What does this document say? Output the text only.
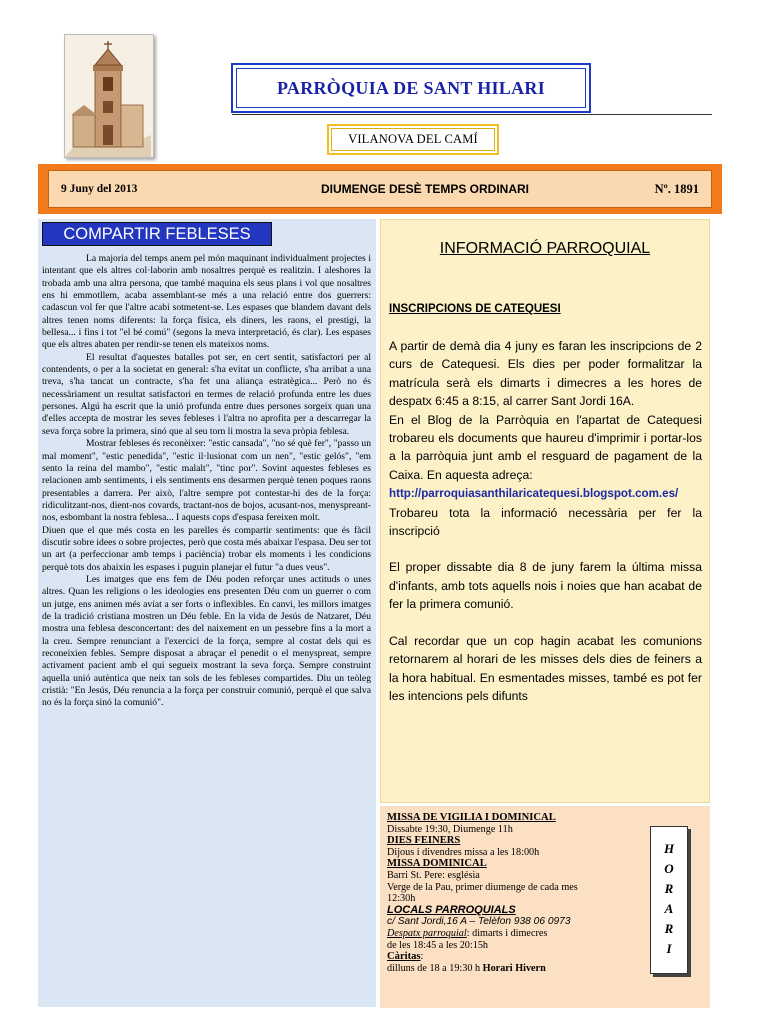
PARRÒQUIA DE SANT HILARI
VILANOVA DEL CAMÍ
9 Juny del 2013	DIUMENGE DESÈ TEMPS ORDINARI	Nº. 1891
COMPARTIR FEBLESES

La majoria del temps anem pel món maquinant individualment projectes i intentant que els altres col·laborin amb nosaltres perquè es realitzin. I aleshores la trobada amb una altra persona, que també maquina els seus plans i vol que nosaltres ens hi emmotllem, acaba assemblant-se més a una relació entre dos guerrers: cadascun vol fer que l'altre acabi sotmetent-se. Les espases que blandem davant dels altres tenen noms diferents: la força física, els diners, les raons, el prestigi, la bellesa... i fins i tot "el bé comú" (segons la meva interpretació, és clar). Les espases que els altres abaten per rendir-se tenen els mateixos noms.

El resultat d'aquestes batalles pot ser, en cert sentit, satisfactori per al contendents, o per a la societat en general: s'ha evitat un conflicte, s'ha arribat a una treva, s'ha tancat un contracte, s'ha fet una aliança estratègica... Però no és necessàriament un resultat satisfactori en termes de relació profunda entre les dues persones. Algú ha escrit que la unió profunda entre dues persones sorgeix quan una d'elles accepta de mostrar les seves febleses i l'altra no aprofita per a descarregar la seva força sobre la primera, sinó que al seu torn li mostra la seva pròpia feblesa.

Mostrar febleses és reconèixer: "estic cansada", "no sé què fer", "passo un mal moment", "estic penedida", "estic il·lusionat com un nen", "estic gelós", "em sento la reina del mambo", "estic malalt", "tinc por". Sovint aquestes febleses es relacionen amb sentiments, i els sentiments ens desarmen perquè tenen poques raons presentables a darrera. Per això, l'altre sempre pot contestar-hi des de la força: ridiculitzant-nos, dient-nos covards, tractant-nos de bojos, acusant-nos, menyspreant-nos, esbombant la nostra feblesa... I aquests cops d'espasa fereixen molt.

Diuen que el que més costa en les parelles és compartir sentiments: que és fàcil discutir sobre idees o sobre projectes, però que costa més abaixar l'espasa. Deu ser tot un art (a perfeccionar amb temps i paciència) trobar els moments i les condicions perquè tots dos abaixin les espases i puguin planejar el futur "a dues veus".

Les imatges que ens fem de Déu poden reforçar unes actituds o unes altres. Quan les religions o les ideologies ens presenten Déu com un guerrer o com un jutge, ens animen més avíat a ser forts o inflexibles. En canvi, les millors imatges de la tradició cristiana mostren un Déu feble. En la vida de Jesús de Natzaret, Déu mostra una feblesa desconcertant: des del naixement en un pessebre fins a la mort a la creu. Sempre renunciant a l'exercici de la força, sempre al costat dels qui es reconeixien febles. Sempre disposat a abraçar el penedit o el menyspreat, sempre activament pacient amb el qui segueix mostrant la seva força. Sempre construint aquella unió autèntica que neix tan sols de les febleses compartides. Diu un teòleg cristià: "En Jesús, Déu renuncia a la força per construir comunió, perquè el que salva no és la força sinó la comunió".

INFORMACIÓ PARROQUIAL
INSCRIPCIONS DE CATEQUESI

A partir de demà dia 4 juny es faran les inscripcions de 2 curs de Catequesi. Els dies per poder formalitzar la matrícula serà els dimarts i dimecres a les hores de despatx 6:45 a 8:15, al carrer Sant Jordi 16A.

En el Blog de la Parròquia en l'apartat de Catequesi trobareu els documents que haureu d'imprimir i portar-los a la parròquia junt amb el resguard de pagament de la Caixa. En aquesta adreça:

http://parroquiasanthilaricatequesi.blogspot.com.es/

Trobareu tota la informació necessària per fer la inscripció

El proper dissabte dia 8 de juny farem la última missa d'infants, amb tots aquells nois i noies que han acabat de fer la primera comunió.

Cal recordar que un cop hagin acabat les comunions retornarem al horari de les misses dels dies de feiners a la hora habitual. En esmentades misses, també es pot fer les intencions pels difunts

MISSA DE VIGILIA I DOMINICAL
Dissabte 19:30, Diumenge 11h
DIES FEINERS
Dijous i divendres missa a les 18:00h
MISSA DOMINICAL
Barri St. Pere: església
Verge de la Pau, primer diumenge de cada mes
12:30h
LOCALS PARROQUIALS
c/ Sant Jordi,16 A – Telèfon 938 06 0973
Despatx parroquial: dimarts i dimecres
de les 18:45 a les 20:15h
Càritas:
dilluns de 18 a 19:30 h Horari Hivern
H
O
R
A
R
I
